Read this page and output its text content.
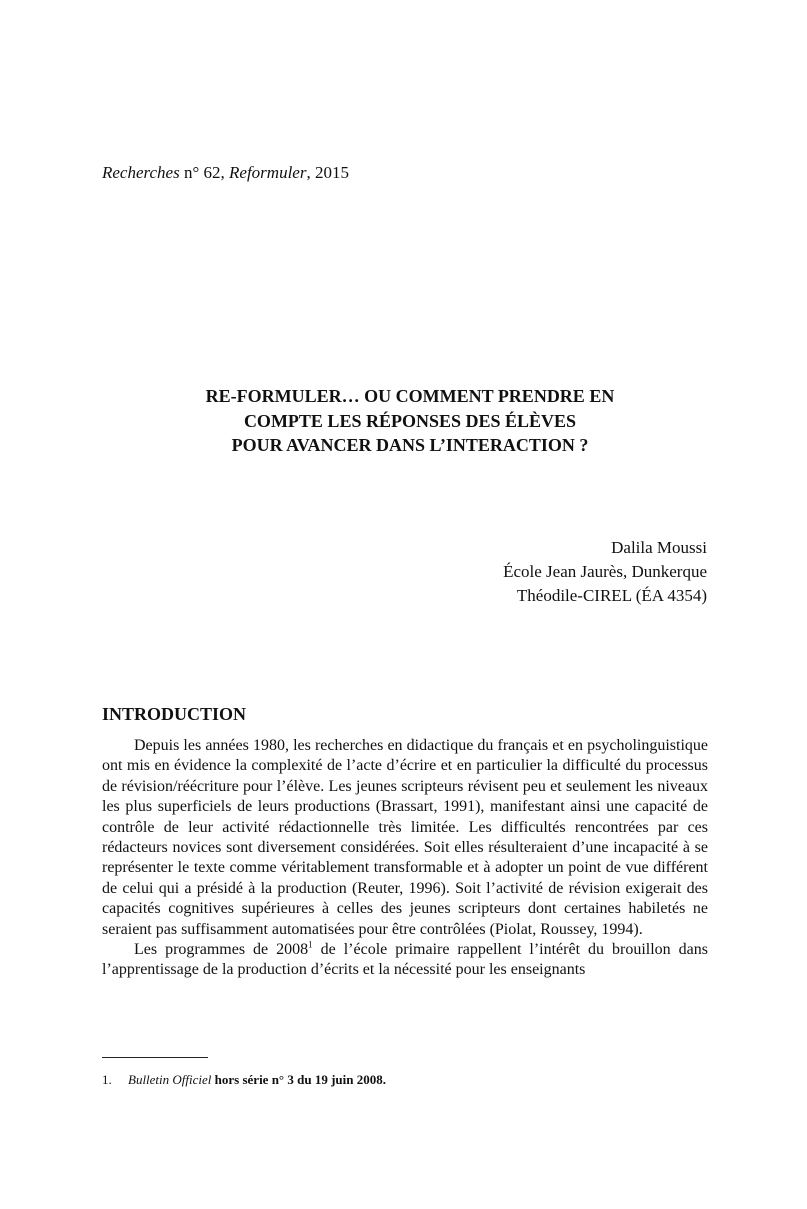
Recherches n° 62, Reformuler, 2015
RE-FORMULER… OU COMMENT PRENDRE EN
COMPTE LES RÉPONSES DES ÉLÈVES
POUR AVANCER DANS L’INTERACTION ?
Dalila Moussi
École Jean Jaurès, Dunkerque
Théodile-CIREL (ÉA 4354)
INTRODUCTION

Depuis les années 1980, les recherches en didactique du français et en psycholinguistique ont mis en évidence la complexité de l’acte d’écrire et en particulier la difficulté du processus de révision/réécriture pour l’élève. Les jeunes scripteurs révisent peu et seulement les niveaux les plus superficiels de leurs productions (Brassart, 1991), manifestant ainsi une capacité de contrôle de leur activité rédactionnelle très limitée. Les difficultés rencontrées par ces rédacteurs novices sont diversement considérées. Soit elles résulteraient d’une incapacité à se représenter le texte comme véritablement transformable et à adopter un point de vue différent de celui qui a présidé à la production (Reuter, 1996). Soit l’activité de révision exigerait des capacités cognitives supérieures à celles des jeunes scripteurs dont certaines habiletés ne seraient pas suffisamment automatisées pour être contrôlées (Piolat, Roussey, 1994).

Les programmes de 2008$^1$ de l’école primaire rappellent l’intérêt du brouillon dans l’apprentissage de la production d’écrits et la nécessité pour les enseignants

1. Bulletin Officiel hors série n° 3 du 19 juin 2008.
